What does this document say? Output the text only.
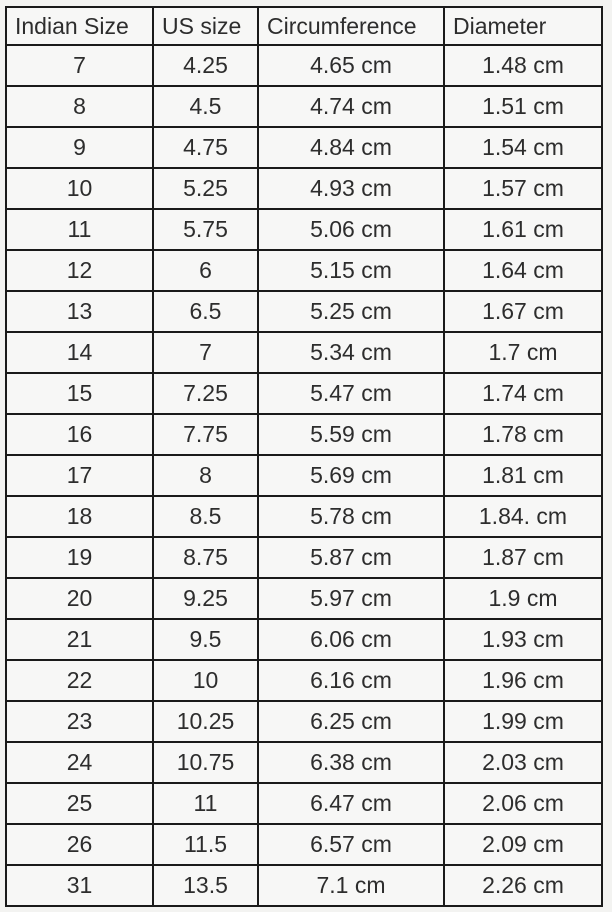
Indian Size	US size	Circumference	Diameter
7	4.25	4.65 cm	1.48 cm
8	4.5	4.74 cm	1.51 cm
9	4.75	4.84 cm	1.54 cm
10	5.25	4.93 cm	1.57 cm
11	5.75	5.06 cm	1.61 cm
12	6	5.15 cm	1.64 cm
13	6.5	5.25 cm	1.67 cm
14	7	5.34 cm	1.7 cm
15	7.25	5.47 cm	1.74 cm
16	7.75	5.59 cm	1.78 cm
17	8	5.69 cm	1.81 cm
18	8.5	5.78 cm	1.84. cm
19	8.75	5.87 cm	1.87 cm
20	9.25	5.97 cm	1.9 cm
21	9.5	6.06 cm	1.93 cm
22	10	6.16 cm	1.96 cm
23	10.25	6.25 cm	1.99 cm
24	10.75	6.38 cm	2.03 cm
25	11	6.47 cm	2.06 cm
26	11.5	6.57 cm	2.09 cm
31	13.5	7.1 cm	2.26 cm
